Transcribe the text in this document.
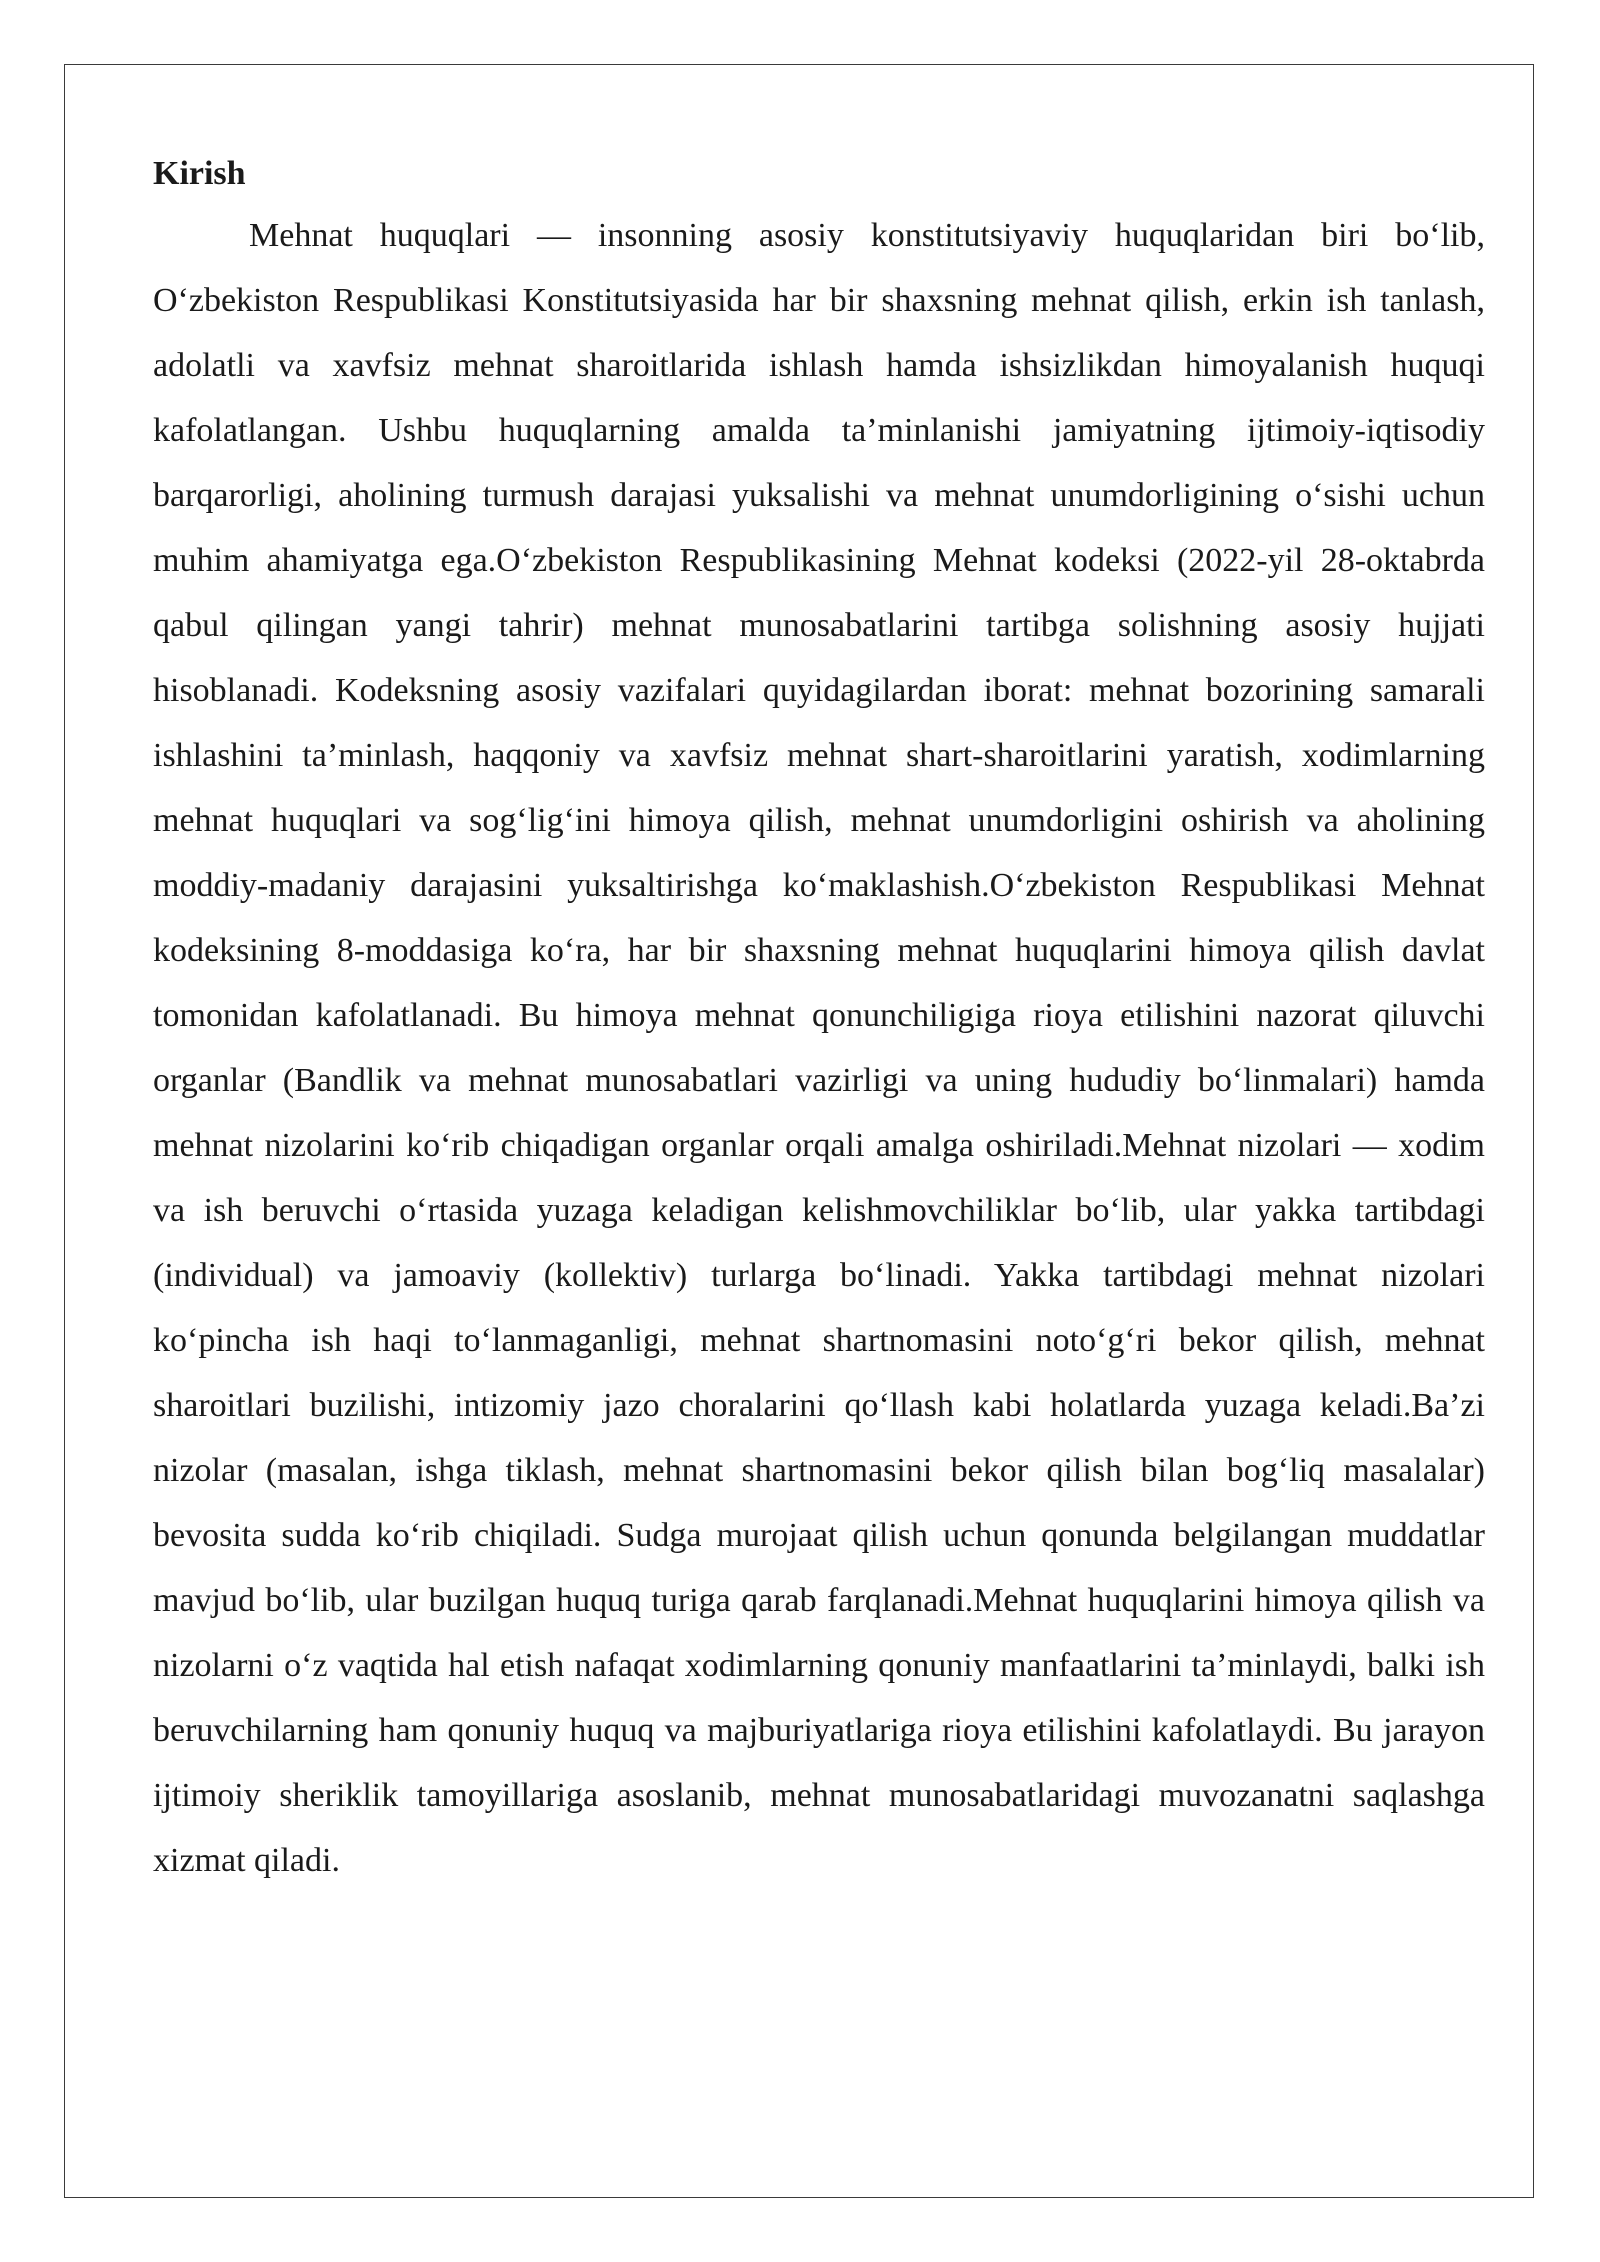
Kirish

Mehnat huquqlari — insonning asosiy konstitutsiyaviy huquqlaridan biri bo‘lib, O‘zbekiston Respublikasi Konstitutsiyasida har bir shaxsning mehnat qilish, erkin ish tanlash, adolatli va xavfsiz mehnat sharoitlarida ishlash hamda ishsizlikdan himoyalanish huquqi kafolatlangan. Ushbu huquqlarning amalda ta’minlanishi jamiyatning ijtimoiy-iqtisodiy barqarorligi, aholining turmush darajasi yuksalishi va mehnat unumdorligining o‘sishi uchun muhim ahamiyatga ega.O‘zbekiston Respublikasining Mehnat kodeksi (2022-yil 28-oktabrda qabul qilingan yangi tahrir) mehnat munosabatlarini tartibga solishning asosiy hujjati hisoblanadi. Kodeksning asosiy vazifalari quyidagilardan iborat: mehnat bozorining samarali ishlashini ta’minlash, haqqoniy va xavfsiz mehnat shart-sharoitlarini yaratish, xodimlarning mehnat huquqlari va sog‘lig‘ini himoya qilish, mehnat unumdorligini oshirish va aholining moddiy-madaniy darajasini yuksaltirishga ko‘maklashish.O‘zbekiston Respublikasi Mehnat kodeksining 8-moddasiga ko‘ra, har bir shaxsning mehnat huquqlarini himoya qilish davlat tomonidan kafolatlanadi. Bu himoya mehnat qonunchiligiga rioya etilishini nazorat qiluvchi organlar (Bandlik va mehnat munosabatlari vazirligi va uning hududiy bo‘linmalari) hamda mehnat nizolarini ko‘rib chiqadigan organlar orqali amalga oshiriladi.Mehnat nizolari — xodim va ish beruvchi o‘rtasida yuzaga keladigan kelishmovchiliklar bo‘lib, ular yakka tartibdagi (individual) va jamoaviy (kollektiv) turlarga bo‘linadi. Yakka tartibdagi mehnat nizolari ko‘pincha ish haqi to‘lanmaganligi, mehnat shartnomasini noto‘g‘ri bekor qilish, mehnat sharoitlari buzilishi, intizomiy jazo choralarini qo‘llash kabi holatlarda yuzaga keladi.Ba’zi nizolar (masalan, ishga tiklash, mehnat shartnomasini bekor qilish bilan bog‘liq masalalar) bevosita sudda ko‘rib chiqiladi. Sudga murojaat qilish uchun qonunda belgilangan muddatlar mavjud bo‘lib, ular buzilgan huquq turiga qarab farqlanadi.Mehnat huquqlarini himoya qilish va nizolarni o‘z vaqtida hal etish nafaqat xodimlarning qonuniy manfaatlarini ta’minlaydi, balki ish beruvchilarning ham qonuniy huquq va majburiyatlariga rioya etilishini kafolatlaydi. Bu jarayon ijtimoiy sheriklik tamoyillariga asoslanib, mehnat munosabatlaridagi muvozanatni saqlashga xizmat qiladi.
